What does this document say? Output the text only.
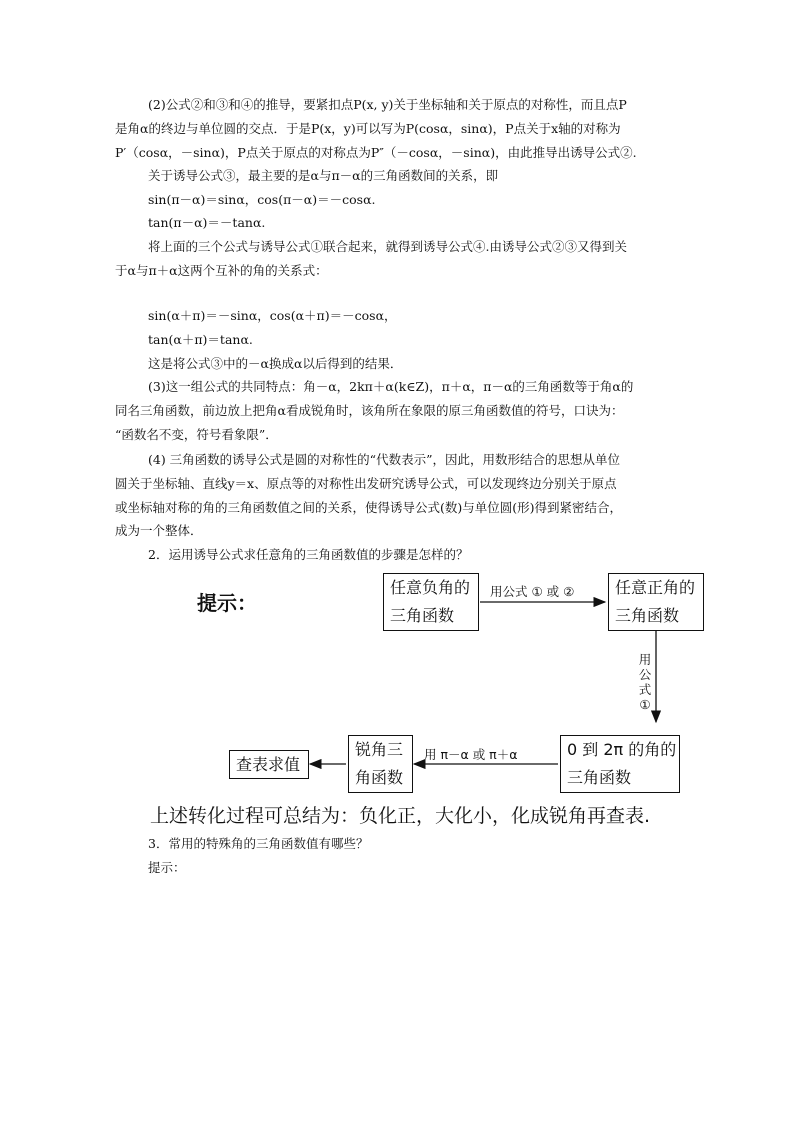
(2)公式②和③和④的推导，要紧扣点P(x, y)关于坐标轴和关于原点的对称性，而且点P
是角α的终边与单位圆的交点．于是P(x，y)可以写为P(cosα，sinα)，P点关于x轴的对称为
P′（cosα，－sinα)，P点关于原点的对称点为P″（－cosα，－sinα)，由此推导出诱导公式②.
关于诱导公式③，最主要的是α与π－α的三角函数间的关系，即
sin(π－α)＝sinα，cos(π－α)＝－cosα.
tan(π－α)＝－tanα.
将上面的三个公式与诱导公式①联合起来，就得到诱导公式④.由诱导公式②③又得到关
于α与π＋α这两个互补的角的关系式：
sin(α＋π)＝－sinα，cos(α＋π)＝－cosα，
tan(α＋π)＝tanα.
这是将公式③中的－α换成α以后得到的结果．
(3)这一组公式的共同特点：角－α，2kπ＋α(k∈Z)，π＋α，π－α的三角函数等于角α的
同名三角函数，前边放上把角α看成锐角时，该角所在象限的原三角函数值的符号，口诀为：
“函数名不变，符号看象限”．
(4) 三角函数的诱导公式是圆的对称性的“代数表示”，因此，用数形结合的思想从单位
圆关于坐标轴、直线y＝x、原点等的对称性出发研究诱导公式，可以发现终边分别关于原点
或坐标轴对称的角的三角函数值之间的关系，使得诱导公式(数)与单位圆(形)得到紧密结合，
成为一个整体．
2．运用诱导公式求任意角的三角函数值的步骤是怎样的？
提示：
任意负角的
三角函数
用公式 ① 或 ②	任意正角的
三角函数
用
公
式
①
0 到 2π 的角的
三角函数
用 π－α 或 π＋α
锐角三
角函数
查表求值
上述转化过程可总结为：负化正，大化小，化成锐角再查表.
3．常用的特殊角的三角函数值有哪些？
提示：
